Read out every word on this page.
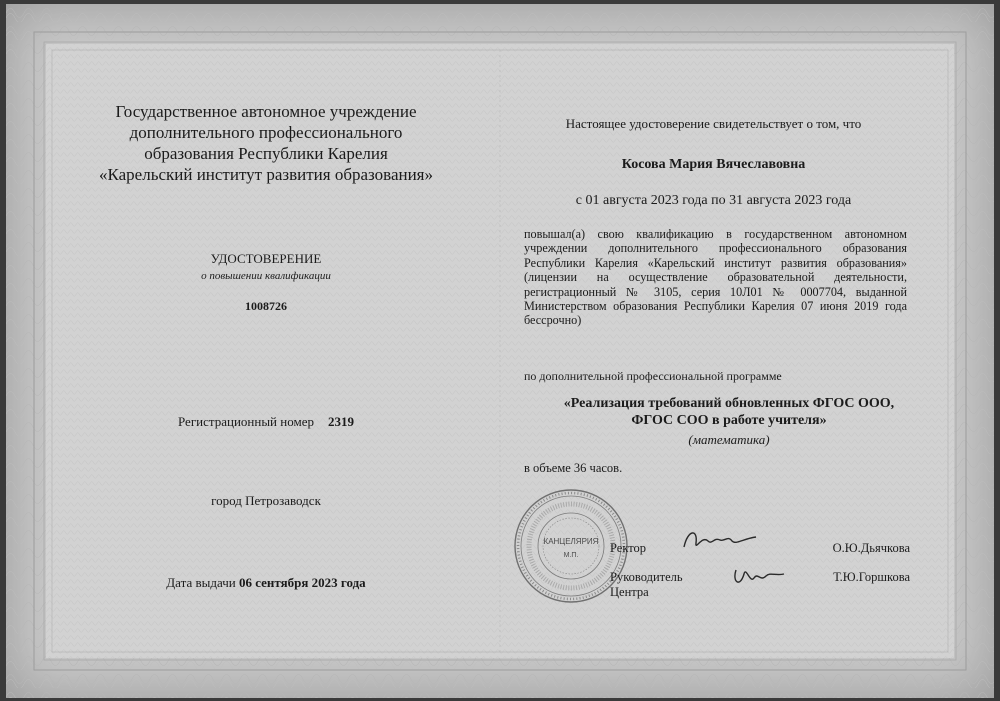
Государственное автономное учреждение
дополнительного профессионального
образования Республики Карелия
«Карельский институт развития образования»
УДОСТОВЕРЕНИЕ
о повышении квалификации
1008726
Регистрационный номер 2319
город Петрозаводск
Дата выдачи 06 сентября 2023 года
Настоящее удостоверение свидетельствует о том, что
Косова Мария Вячеславовна
с 01 августа 2023 года по 31 августа 2023 года
повышал(а) свою квалификацию в государственном автономном учреждении дополнительного профессионального образования Республики Карелия «Карельский институт развития образования» (лицензии на осуществление образовательной деятельности, регистрационный № 3105, серия 10Л01 № 0007704, выданной Министерством образования Республики Карелия 07 июня 2019 года бессрочно)
по дополнительной профессиональной программе
«Реализация требований обновленных ФГОС ООО,
ФГОС СОО в работе учителя»
(математика)
в объеме 36 часов.
КАНЦЕЛЯРИЯ
М.П.
Ректор	О.Ю.Дьячкова
Руководитель Центра
Т.Ю.Горшкова
